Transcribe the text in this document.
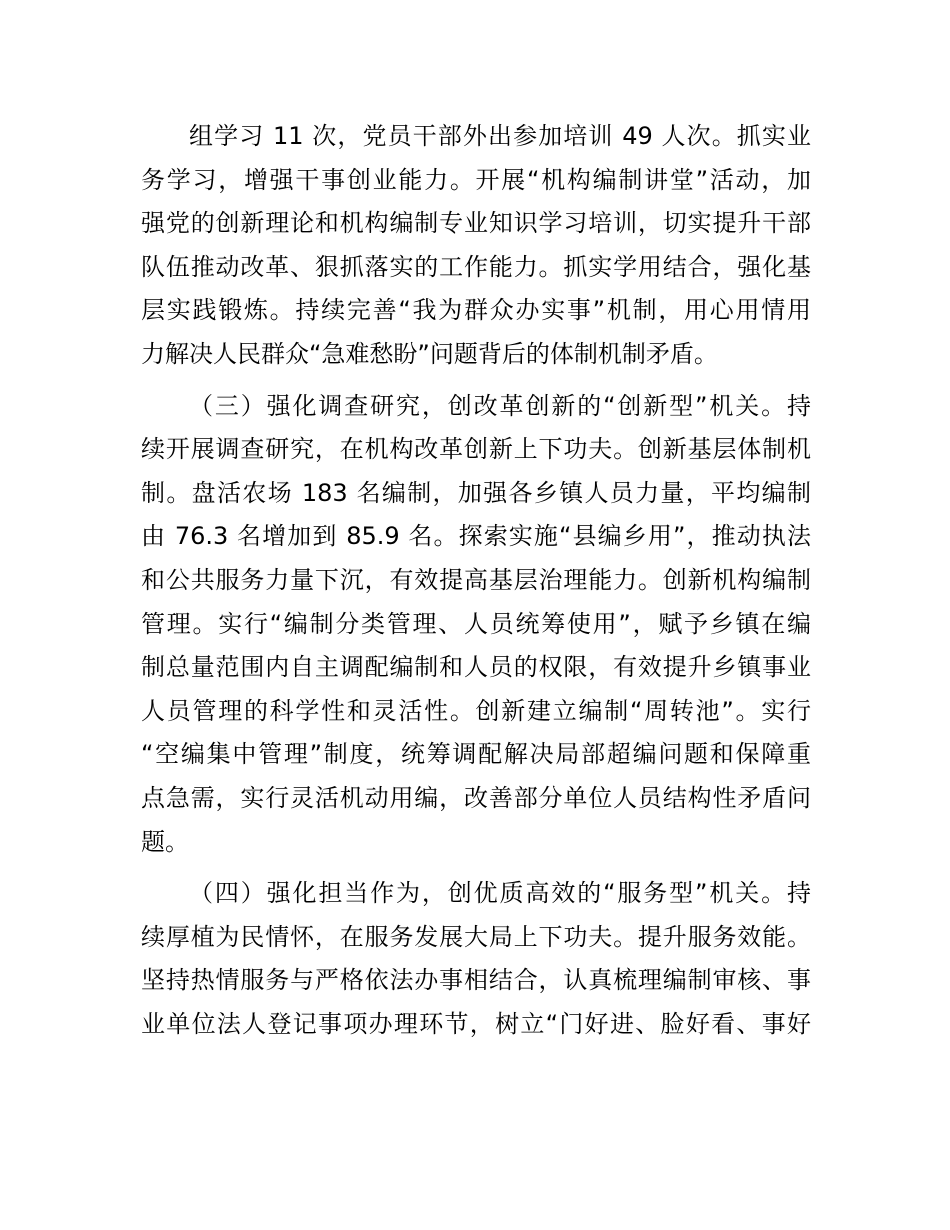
组学习 11 次，党员干部外出参加培训 49 人次。抓实业
务学习，增强干事创业能力。开展“机构编制讲堂”活动，加
强党的创新理论和机构编制专业知识学习培训，切实提升干部
队伍推动改革、狠抓落实的工作能力。抓实学用结合，强化基
层实践锻炼。持续完善“我为群众办实事”机制，用心用情用
力解决人民群众“急难愁盼”问题背后的体制机制矛盾。
（三）强化调查研究，创改革创新的“创新型”机关。持
续开展调查研究，在机构改革创新上下功夫。创新基层体制机
制。盘活农场 183 名编制，加强各乡镇人员力量，平均编制
由 76.3 名增加到 85.9 名。探索实施“县编乡用”，推动执法
和公共服务力量下沉，有效提高基层治理能力。创新机构编制
管理。实行“编制分类管理、人员统筹使用”，赋予乡镇在编
制总量范围内自主调配编制和人员的权限，有效提升乡镇事业
人员管理的科学性和灵活性。创新建立编制“周转池”。实行
“空编集中管理”制度，统筹调配解决局部超编问题和保障重
点急需，实行灵活机动用编，改善部分单位人员结构性矛盾问
题。
（四）强化担当作为，创优质高效的“服务型”机关。持
续厚植为民情怀，在服务发展大局上下功夫。提升服务效能。
坚持热情服务与严格依法办事相结合，认真梳理编制审核、事
业单位法人登记事项办理环节，树立“门好进、脸好看、事好
